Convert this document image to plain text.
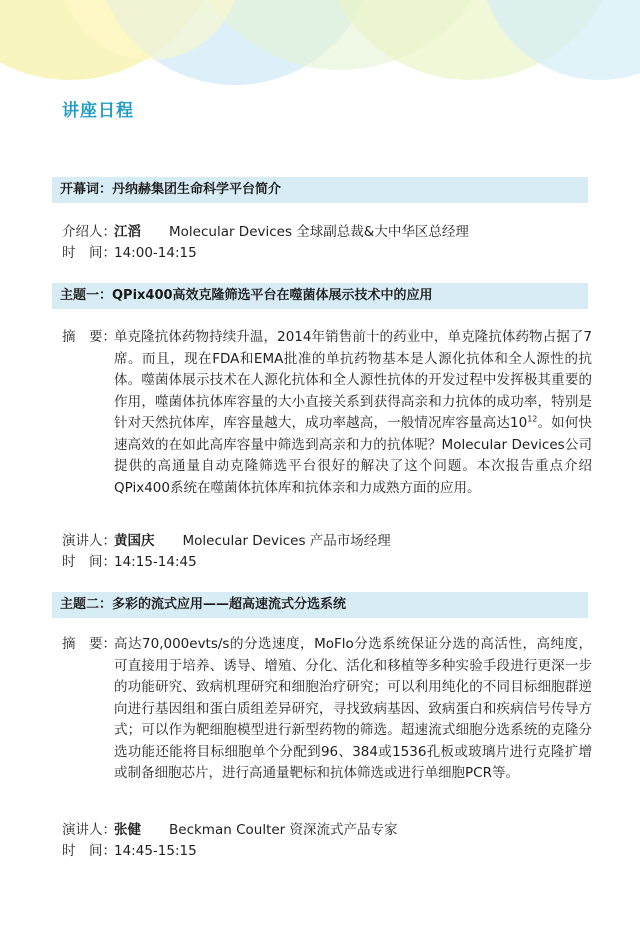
讲座日程
开幕词：丹纳赫集团生命科学平台简介
介绍人：
江滔 Molecular Devices 全球副总裁&大中华区总经理
时　间：
14:00-14:15
主题一：QPix400高效克隆筛选平台在噬菌体展示技术中的应用
摘　要：
单克隆抗体药物持续升温，2014年销售前十的药业中，单克隆抗体药物占据了7席。而且，现在FDA和EMA批准的单抗药物基本是人源化抗体和全人源性的抗体。噬菌体展示技术在人源化抗体和全人源性抗体的开发过程中发挥极其重要的作用，噬菌体抗体库容量的大小直接关系到获得高亲和力抗体的成功率，特别是针对天然抗体库，库容量越大，成功率越高，一般情况库容量高达$10^{12}$。如何快速高效的在如此高库容量中筛选到高亲和力的抗体呢？Molecular Devices公司提供的高通量自动克隆筛选平台很好的解决了这个问题。本次报告重点介绍QPix400系统在噬菌体抗体库和抗体亲和力成熟方面的应用。
演讲人：
黄国庆 Molecular Devices 产品市场经理
时　间：
14:15-14:45
主题二：多彩的流式应用——超高速流式分选系统
摘　要：
高达70,000evts/s的分选速度，MoFlo分选系统保证分选的高活性，高纯度，可直接用于培养、诱导、增殖、分化、活化和移植等多种实验手段进行更深一步的功能研究、致病机理研究和细胞治疗研究；可以利用纯化的不同目标细胞群逆向进行基因组和蛋白质组差异研究，寻找致病基因、致病蛋白和疾病信号传导方式；可以作为靶细胞模型进行新型药物的筛选。超速流式细胞分选系统的克隆分选功能还能将目标细胞单个分配到96、384或1536孔板或玻璃片进行克隆扩增或制备细胞芯片，进行高通量靶标和抗体筛选或进行单细胞PCR等。
演讲人：
张健 Beckman Coulter 资深流式产品专家
时　间：
14:45-15:15
